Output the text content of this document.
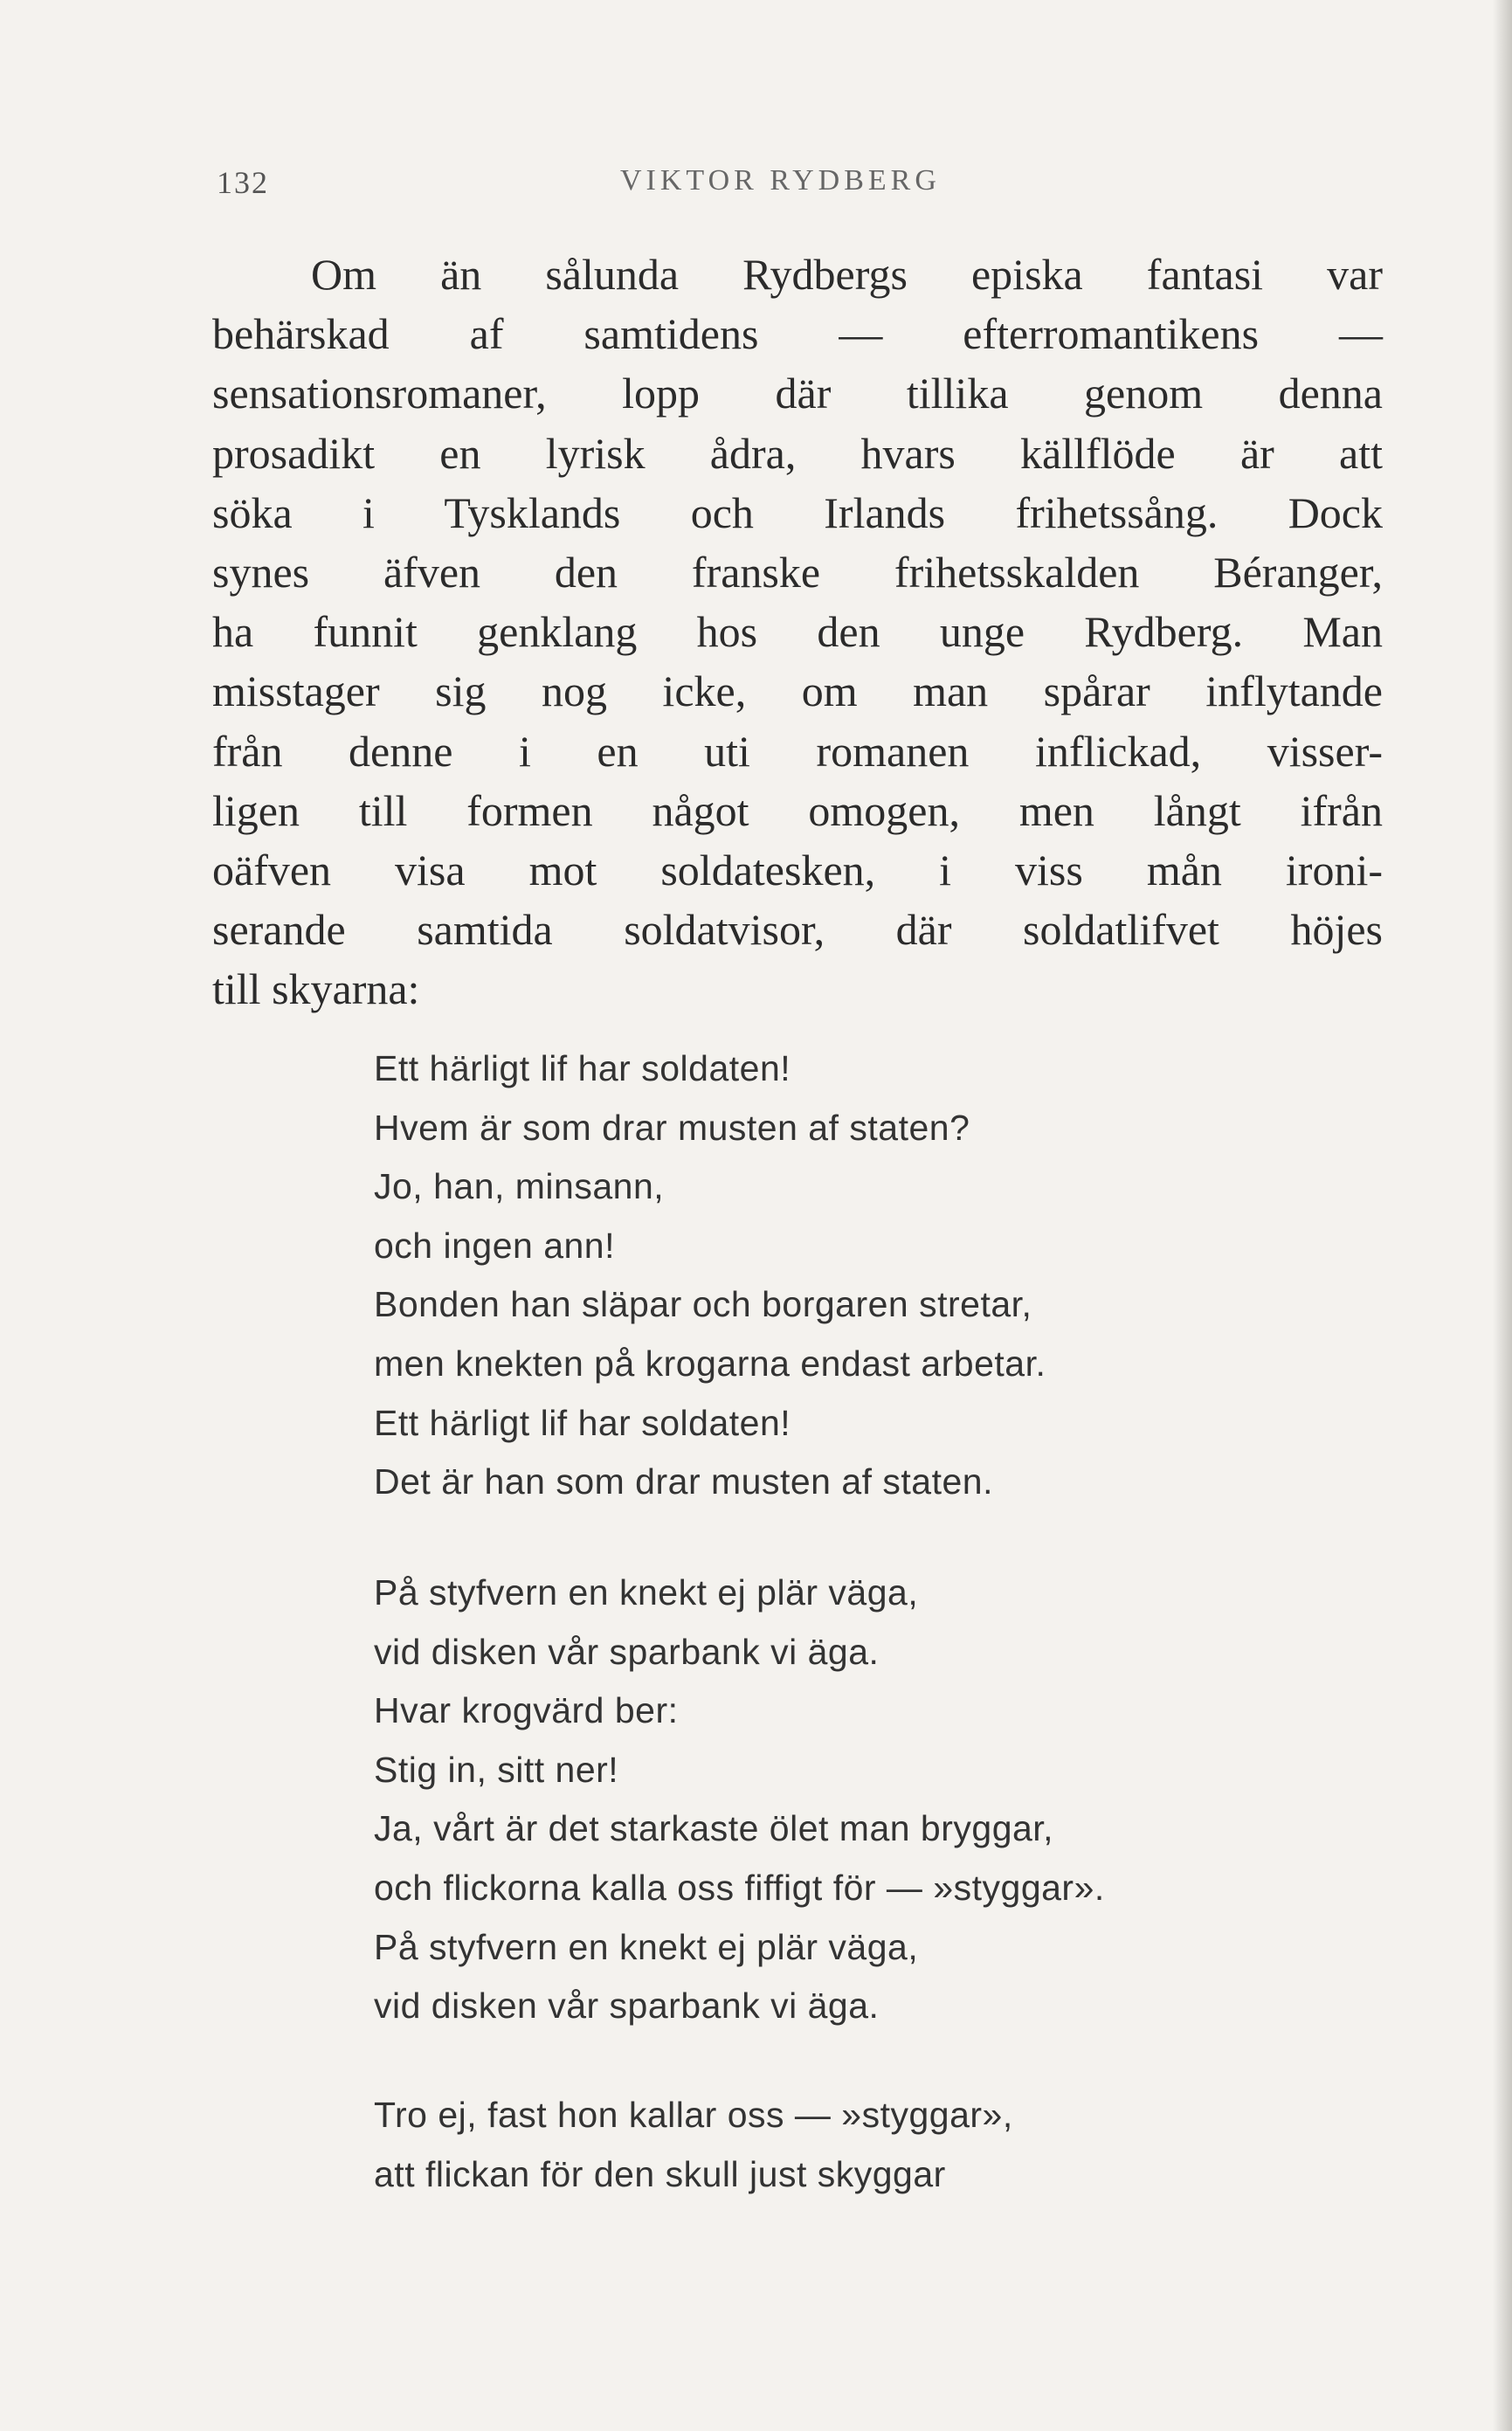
132	VIKTOR RYDBERG
Om än sålunda Rydbergs episka fantasi var
behärskad af samtidens — efterromantikens —
sensationsromaner, lopp där tillika genom denna
prosadikt en lyrisk ådra, hvars källflöde är att
söka i Tysklands och Irlands frihetssång. Dock
synes äfven den franske frihetsskalden Béranger,
ha funnit genklang hos den unge Rydberg. Man
misstager sig nog icke, om man spårar inflytande
från denne i en uti romanen inflickad, visser-
ligen till formen något omogen, men långt ifrån
oäfven visa mot soldatesken, i viss mån ironi-
serande samtida soldatvisor, där soldatlifvet höjes
till skyarna:
Ett härligt lif har soldaten!
Hvem är som drar musten af staten?
Jo, han, minsann,
och ingen ann!
Bonden han släpar och borgaren stretar,
men knekten på krogarna endast arbetar.
Ett härligt lif har soldaten!
Det är han som drar musten af staten.
På styfvern en knekt ej plär väga,
vid disken vår sparbank vi äga.
Hvar krogvärd ber:
Stig in, sitt ner!
Ja, vårt är det starkaste ölet man bryggar,
och flickorna kalla oss fiffigt för — »styggar».
På styfvern en knekt ej plär väga,
vid disken vår sparbank vi äga.
Tro ej, fast hon kallar oss — »styggar»,
att flickan för den skull just skyggar
